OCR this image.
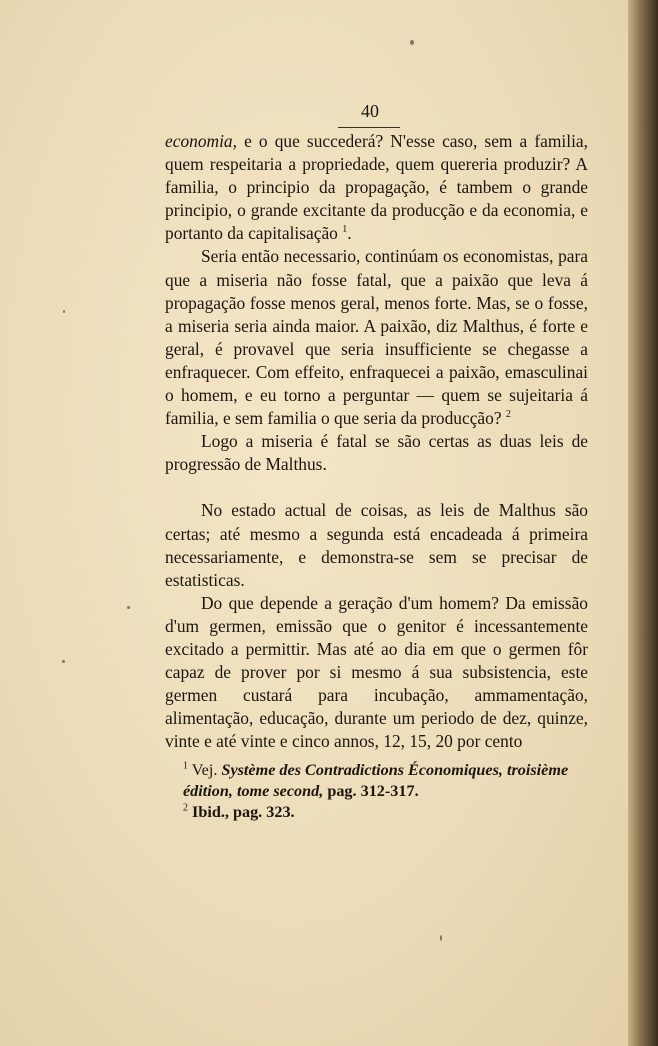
40

economia, e o que succederá? N'esse caso, sem a familia, quem respeitaria a propriedade, quem quereria produzir? A familia, o principio da propagação, é tambem o grande principio, o grande excitante da producção e da economia, e portanto da capitalisação $^1$.

Seria então necessario, continúam os economistas, para que a miseria não fosse fatal, que a paixão que leva á propagação fosse menos geral, menos forte. Mas, se o fosse, a miseria seria ainda maior. A paixão, diz Malthus, é forte e geral, é provavel que seria insufficiente se chegasse a enfraquecer. Com effeito, enfraquecei a paixão, emasculinai o homem, e eu torno a perguntar — quem se sujeitaria á familia, e sem familia o que seria da producção? $^2$

Logo a miseria é fatal se são certas as duas leis de progressão de Malthus.

No estado actual de coisas, as leis de Malthus são certas; até mesmo a segunda está encadeada á primeira necessariamente, e demonstra-se sem se precisar de estatisticas.

Do que depende a geração d'um homem? Da emissão d'um germen, emissão que o genitor é incessantemente excitado a permittir. Mas até ao dia em que o germen fôr capaz de prover por si mesmo á sua subsistencia, este germen custará para incubação, ammamentação, alimentação, educação, durante um periodo de dez, quinze, vinte e até vinte e cinco annos, 12, 15, 20 por cento

$^1$ Vej. Système des Contradictions Économiques, troisième édition, tome second, pag. 312-317.

$^2$ Ibid., pag. 323.
